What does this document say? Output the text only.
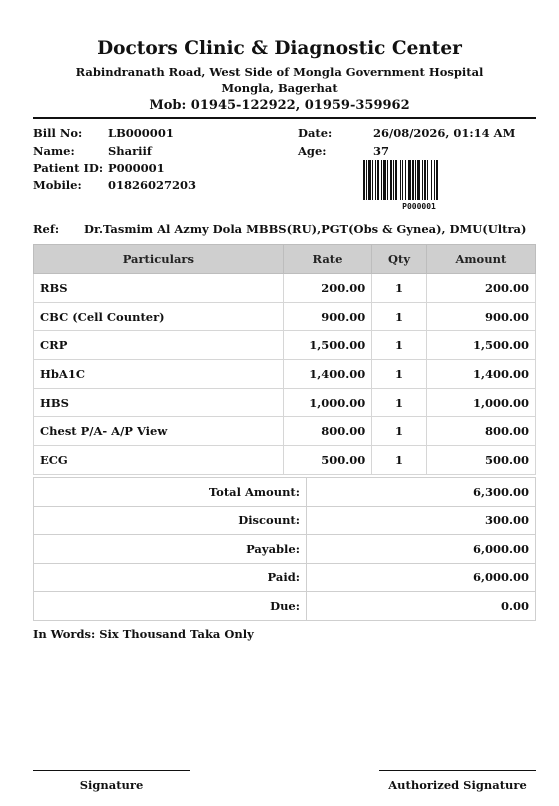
Doctors Clinic & Diagnostic Center
Rabindranath Road, West Side of Mongla Government Hospital
Mongla, Bagerhat
Mob: 01945-122922, 01959-359962
Bill No: LB000001
Name:	Shariif
Patient ID: P000001
Mobile: 01826027203
Date:	26/08/2026, 01:14 AM
Age:	37
P000001
Ref: Dr.Tasmim Al Azmy Dola MBBS(RU),PGT(Obs & Gynea), DMU(Ultra)
Particulars	Rate	Qty	Amount
RBS	200.00	1	200.00
CBC (Cell Counter)	900.00	1	900.00
CRP	1,500.00	1	1,500.00
HbA1C	1,400.00	1	1,400.00
HBS	1,000.00	1	1,000.00
Chest P/A- A/P View	800.00	1	800.00
ECG	500.00	1	500.00
Total Amount:	6,300.00
Discount:	300.00
Payable:	6,000.00
Paid:	6,000.00
Due:	0.00
In Words: Six Thousand Taka Only
Signature	Authorized Signature
